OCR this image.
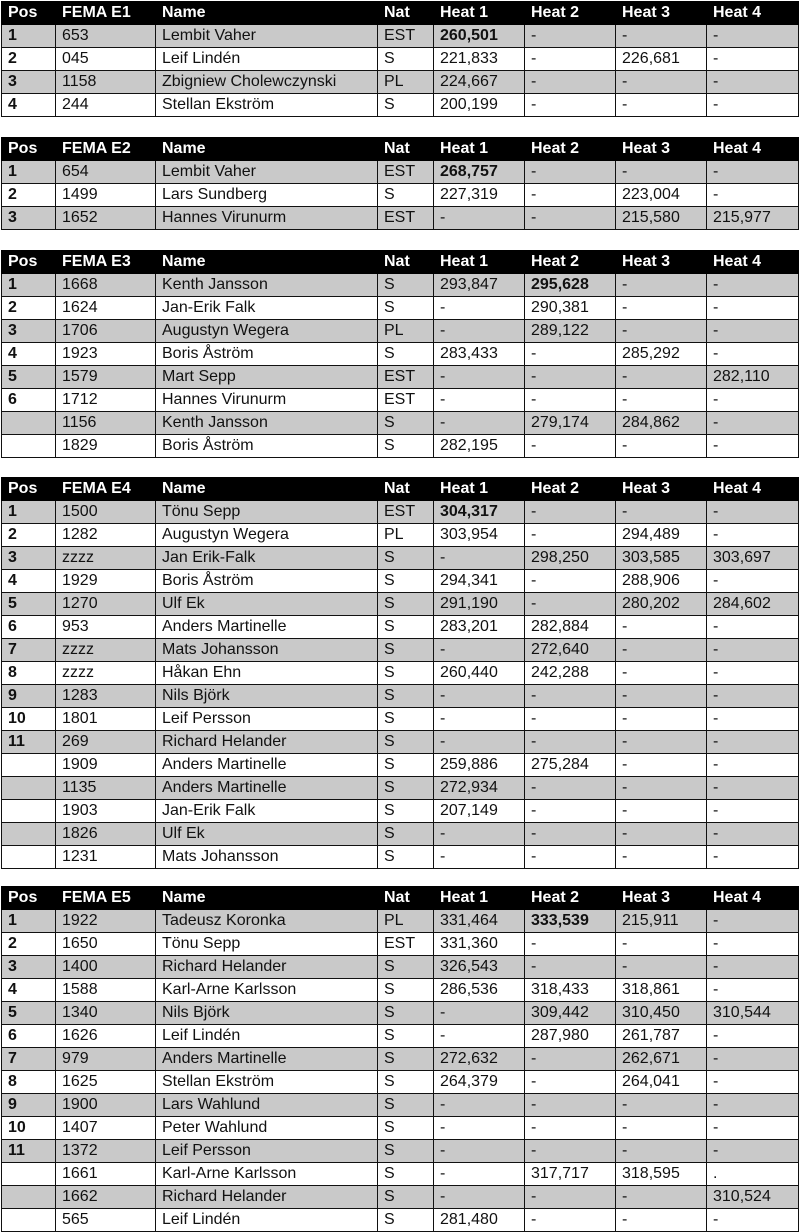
Pos	FEMA E1	Name	Nat	Heat 1	Heat 2	Heat 3	Heat 4
1	653	Lembit Vaher	EST	260,501	-	-	-
2	045	Leif Lindén	S	221,833	-	226,681	-
3	1158	Zbigniew Cholewczynski	PL	224,667	-	-	-
4	244	Stellan Ekström	S	200,199	-	-	-
Pos	FEMA E2	Name	Nat	Heat 1	Heat 2	Heat 3	Heat 4
1	654	Lembit Vaher	EST	268,757	-	-	-
2	1499	Lars Sundberg	S	227,319	-	223,004	-
3	1652	Hannes Virunurm	EST	-	-	215,580	215,977
Pos	FEMA E3	Name	Nat	Heat 1	Heat 2	Heat 3	Heat 4
1	1668	Kenth Jansson	S	293,847	295,628	-	-
2	1624	Jan-Erik Falk	S	-	290,381	-	-
3	1706	Augustyn Wegera	PL	-	289,122	-	-
4	1923	Boris Åström	S	283,433	-	285,292	-
5	1579	Mart Sepp	EST	-	-	-	282,110
6	1712	Hannes Virunurm	EST	-	-	-	-
	1156	Kenth Jansson	S	-	279,174	284,862	-
	1829	Boris Åström	S	282,195	-	-	-
Pos	FEMA E4	Name	Nat	Heat 1	Heat 2	Heat 3	Heat 4
1	1500	Tönu Sepp	EST	304,317	-	-	-
2	1282	Augustyn Wegera	PL	303,954	-	294,489	-
3	zzzz	Jan Erik-Falk	S	-	298,250	303,585	303,697
4	1929	Boris Åström	S	294,341	-	288,906	-
5	1270	Ulf Ek	S	291,190	-	280,202	284,602
6	953	Anders Martinelle	S	283,201	282,884	-	-
7	zzzz	Mats Johansson	S	-	272,640	-	-
8	zzzz	Håkan Ehn	S	260,440	242,288	-	-
9	1283	Nils Björk	S	-	-	-	-
10	1801	Leif Persson	S	-	-	-	-
11	269	Richard Helander	S	-	-	-	-
	1909	Anders Martinelle	S	259,886	275,284	-	-
	1135	Anders Martinelle	S	272,934	-	-	-
	1903	Jan-Erik Falk	S	207,149	-	-	-
	1826	Ulf Ek	S	-	-	-	-
	1231	Mats Johansson	S	-	-	-	-
Pos	FEMA E5	Name	Nat	Heat 1	Heat 2	Heat 3	Heat 4
1	1922	Tadeusz Koronka	PL	331,464	333,539	215,911	-
2	1650	Tönu Sepp	EST	331,360	-	-	-
3	1400	Richard Helander	S	326,543	-	-	-
4	1588	Karl-Arne Karlsson	S	286,536	318,433	318,861	-
5	1340	Nils Björk	S	-	309,442	310,450	310,544
6	1626	Leif Lindén	S	-	287,980	261,787	-
7	979	Anders Martinelle	S	272,632	-	262,671	-
8	1625	Stellan Ekström	S	264,379	-	264,041	-
9	1900	Lars Wahlund	S	-	-	-	-
10	1407	Peter Wahlund	S	-	-	-	-
11	1372	Leif Persson	S	-	-	-	-
	1661	Karl-Arne Karlsson	S	-	317,717	318,595	.
	1662	Richard Helander	S	-	-	-	310,524
	565	Leif Lindén	S	281,480	-	-	-
